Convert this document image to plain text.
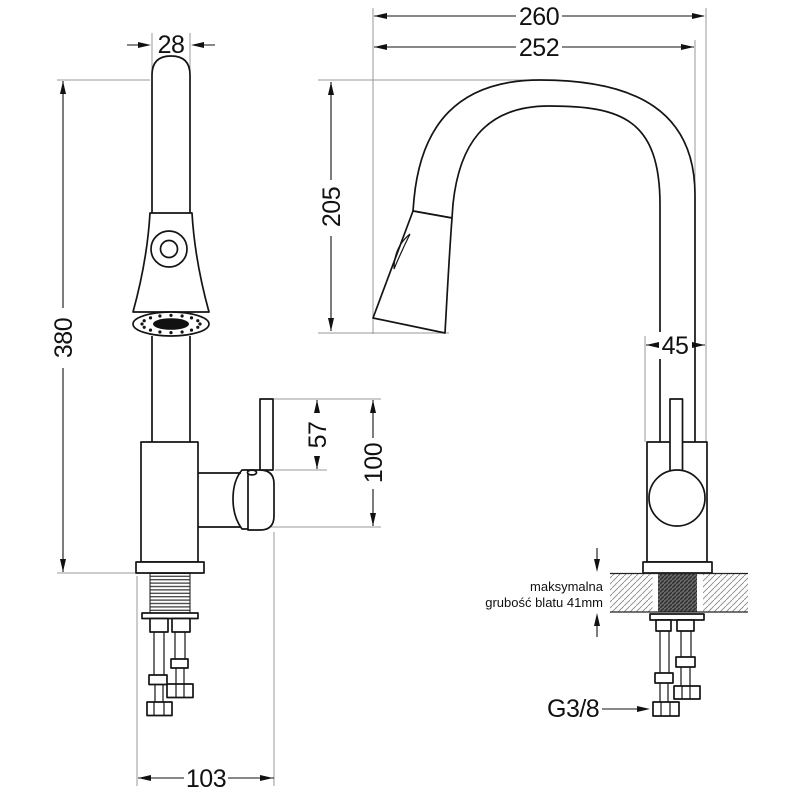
28
380
57
100
103
260
252
205
45
G3/8
maksymalna
grubość blatu 41mm
